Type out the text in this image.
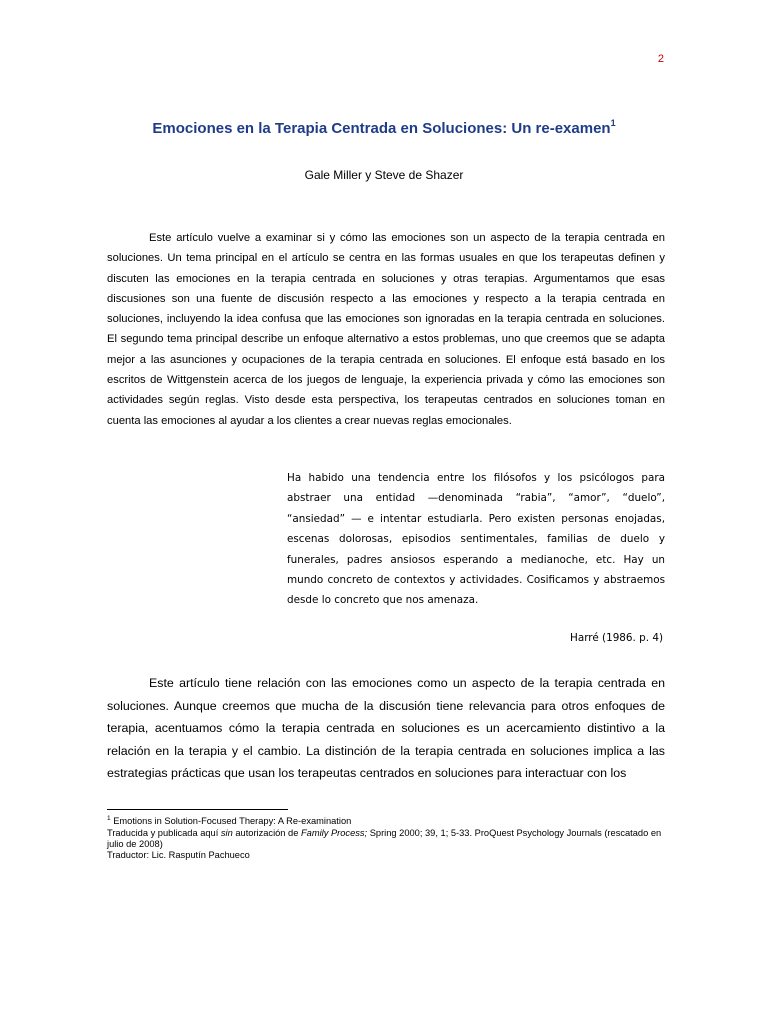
2
Emociones en la Terapia Centrada en Soluciones: Un re-examen$^1$
Gale Miller y Steve de Shazer

Este artículo vuelve a examinar si y cómo las emociones son un aspecto de la terapia centrada en soluciones. Un tema principal en el artículo se centra en las formas usuales en que los terapeutas definen y discuten las emociones en la terapia centrada en soluciones y otras terapias. Argumentamos que esas discusiones son una fuente de discusión respecto a las emociones y respecto a la terapia centrada en soluciones, incluyendo la idea confusa que las emociones son ignoradas en la terapia centrada en soluciones. El segundo tema principal describe un enfoque alternativo a estos problemas, uno que creemos que se adapta mejor a las asunciones y ocupaciones de la terapia centrada en soluciones. El enfoque está basado en los escritos de Wittgenstein acerca de los juegos de lenguaje, la experiencia privada y cómo las emociones son actividades según reglas. Visto desde esta perspectiva, los terapeutas centrados en soluciones toman en cuenta las emociones al ayudar a los clientes a crear nuevas reglas emocionales.

Ha habido una tendencia entre los filósofos y los psicólogos para abstraer una entidad —denominada “rabia”, “amor”, “duelo”, “ansiedad” — e intentar estudiarla. Pero existen personas enojadas, escenas dolorosas, episodios sentimentales, familias de duelo y funerales, padres ansiosos esperando a medianoche, etc. Hay un mundo concreto de contextos y actividades. Cosificamos y abstraemos desde lo concreto que nos amenaza.

Harré (1986. p. 4)

Este artículo tiene relación con las emociones como un aspecto de la terapia centrada en soluciones. Aunque creemos que mucha de la discusión tiene relevancia para otros enfoques de terapia, acentuamos cómo la terapia centrada en soluciones es un acercamiento distintivo a la relación en la terapia y el cambio. La distinción de la terapia centrada en soluciones implica a las estrategias prácticas que usan los terapeutas centrados en soluciones para interactuar con los

$^1$ Emotions in Solution-Focused Therapy: A Re-examination
Traducida y publicada aquí sin autorización de Family Process; Spring 2000; 39, 1; 5-33. ProQuest Psychology Journals (rescatado en julio de 2008)
Traductor: Lic. Rasputín Pachueco
